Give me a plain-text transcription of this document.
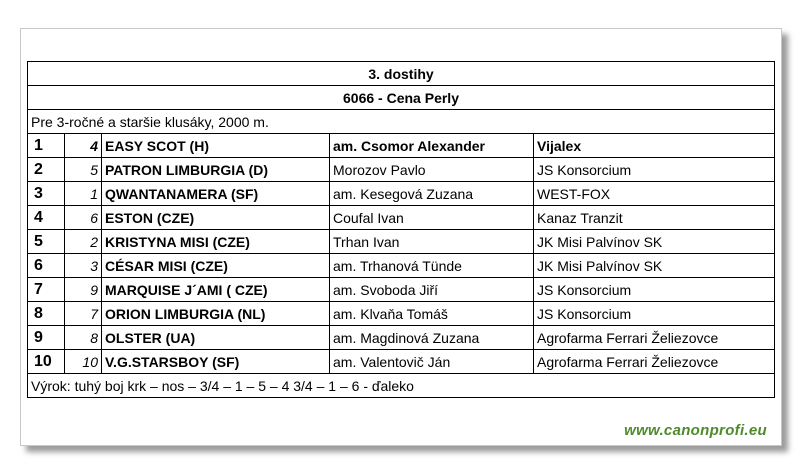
3. dostihy				
6066 - Cena Perly				
Pre 3-ročné a staršie klusáky, 2000 m.				
1	4	EASY SCOT (H)	am. Csomor Alexander	Vijalex
2	5	PATRON LIMBURGIA (D)	Morozov Pavlo	JS Konsorcium
3	1	QWANTANAMERA (SF)	am. Kesegová Zuzana	WEST-FOX
4	6	ESTON (CZE)	Coufal Ivan	Kanaz Tranzit
5	2	KRISTYNA MISI (CZE)	Trhan Ivan	JK Misi Palvínov SK
6	3	CÉSAR MISI (CZE)	am. Trhanová Tünde	JK Misi Palvínov SK
7	9	MARQUISE J´AMI ( CZE)	am. Svoboda Jiří	JS Konsorcium
8	7	ORION LIMBURGIA (NL)	am. Klvaňa Tomáš	JS Konsorcium
9	8	OLSTER (UA)	am. Magdinová Zuzana	Agrofarma Ferrari Želiezovce
10	10	V.G.STARSBOY (SF)	am. Valentovič Ján	Agrofarma Ferrari Želiezovce
Výrok: tuhý boj krk – nos – 3/4 – 1 – 5 – 4 3/4 – 1 – 6 - ďaleko				
www.canonprofi.eu
